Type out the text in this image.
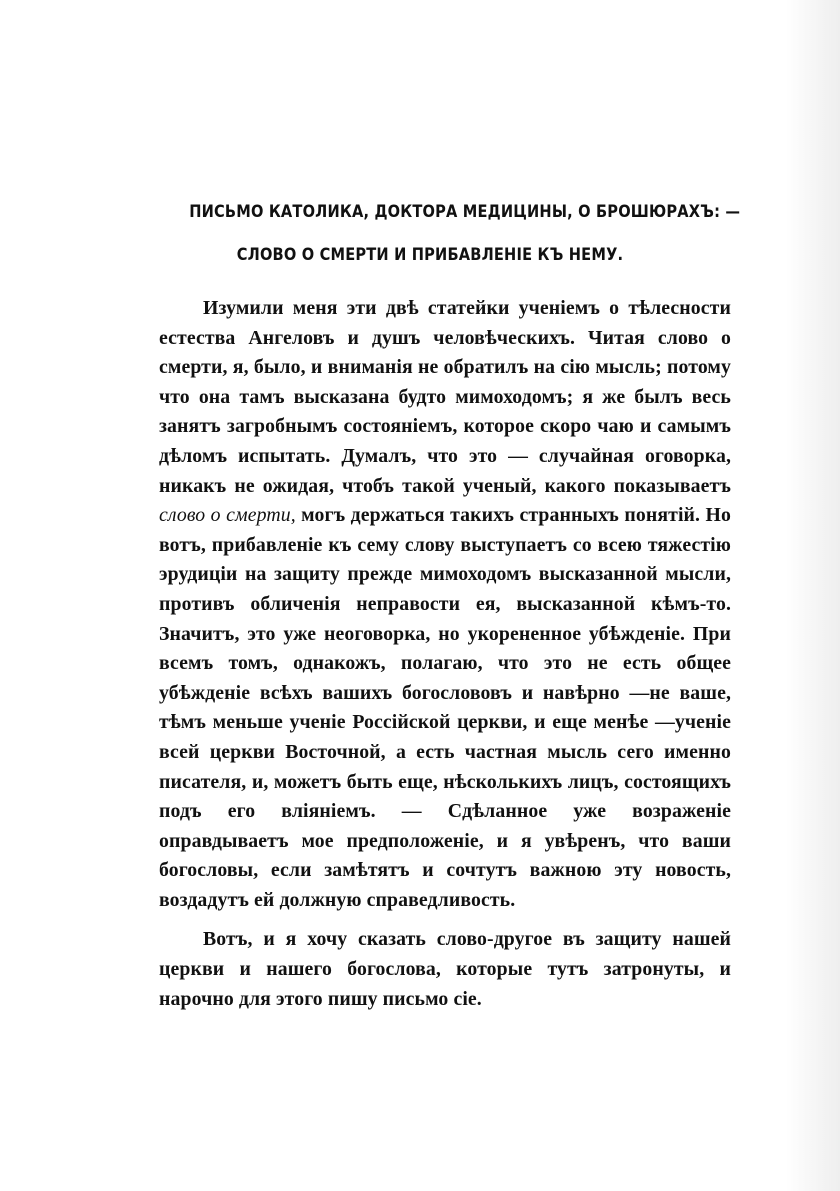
ПИСЬМО КАТОЛИКА, ДОКТОРА МЕДИЦИНЫ, О БРОШЮРАХЪ: —
СЛОВО О СМЕРТИ И ПРИБАВЛЕНІЕ КЪ НЕМУ.

Изумили меня эти двѣ статейки ученіемъ о тѣлесности естества Ангеловъ и душъ человѣческихъ. Читая слово о смерти, я, было, и вниманія не обратилъ на сію мысль; потому что она тамъ высказана будто мимоходомъ; я же былъ весь занятъ загробнымъ состояніемъ, которое скоро чаю и самымъ дѣломъ испытать. Думалъ, что это — случайная оговорка, никакъ не ожидая, чтобъ такой ученый, какого показываетъ слово о смерти, могъ держаться такихъ странныхъ понятій. Но вотъ, прибавленіе къ сему слову выступаетъ со всею тяжестію эрудиціи на защиту прежде мимоходомъ высказанной мысли, противъ обличенія неправости ея, высказанной кѣмъ-то. Значитъ, это уже неоговорка, но укорененное убѣжденіе. При всемъ томъ, однакожъ, полагаю, что это не есть общее убѣжденіе всѣхъ вашихъ богослововъ и навѣрно —не ваше, тѣмъ меньше ученіе Россійской церкви, и еще менѣе —ученіе всей церкви Восточной, а есть частная мысль сего именно писателя, и, можетъ быть еще, нѣсколькихъ лицъ, состоящихъ подъ его вліяніемъ. — Сдѣланное уже возраженіе оправдываетъ мое предположеніе, и я увѣренъ, что ваши богословы, если замѣтятъ и сочтутъ важною эту новость, воздадутъ ей должную справедливость.

Вотъ, и я хочу сказать слово-другое въ защиту нашей церкви и нашего богослова, которые тутъ затронуты, и нарочно для этого пишу письмо сіе.
